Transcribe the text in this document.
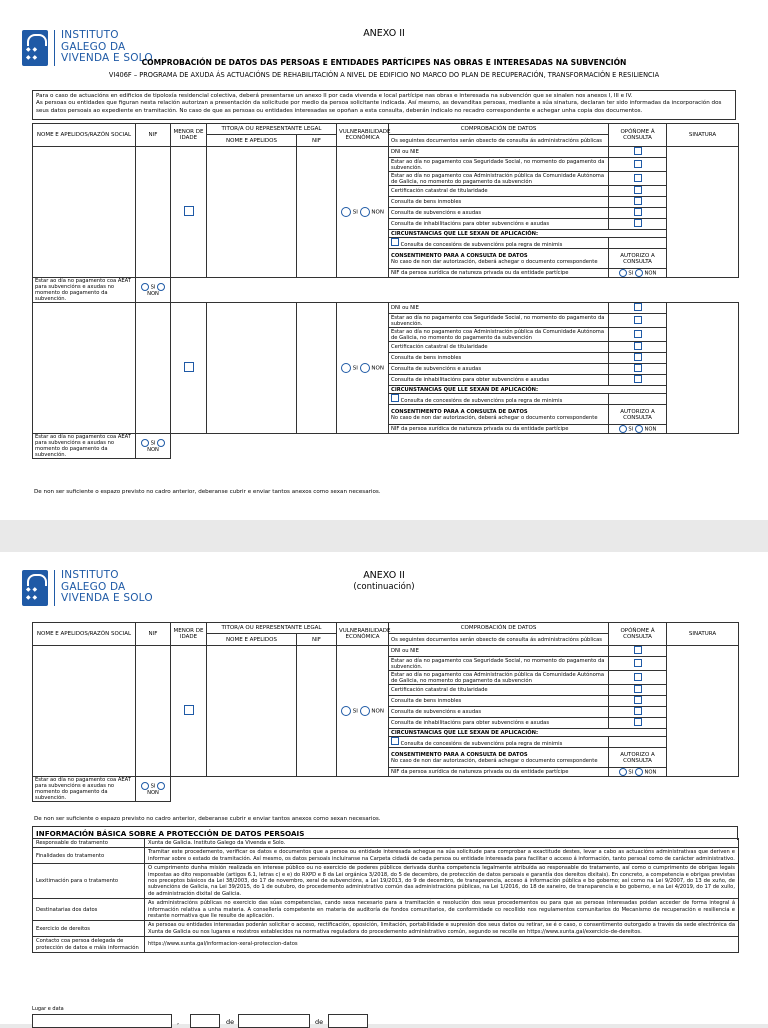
◆ ◆ ◆ ◆
INSTITUTO
GALEGO DA
VIVENDA E SOLO
ANEXO II
COMPROBACIÓN DE DATOS DAS PERSOAS E ENTIDADES PARTÍCIPES NAS OBRAS E INTERESADAS NA SUBVENCIÓN
VI406F – PROGRAMA DE AXUDA ÁS ACTUACIÓNS DE REHABILITACIÓN A NIVEL DE EDIFICIO NO MARCO DO PLAN DE RECUPERACIÓN, TRANSFORMACIÓN E RESILIENCIA
Para o caso de actuacións en edificios de tipoloxía residencial colectiva, deberá presentarse un anexo II por cada vivenda e local partícipe nas obras e interesada na subvención que se sinalen nos anexos I, III e IV.
As persoas ou entidades que figuran nesta relación autorizan a presentación da solicitude por medio da persoa solicitante indicada. Así mesmo, as devanditas persoas, mediante a súa sinatura, declaran ter sido informadas da incorporación dos seus datos persoais ao expediente en tramitación. No caso de que as persoas ou entidades interesadas se opoñan a esta consulta, deberán indicalo no recadro correspondente e achegar unha copia dos documentos.
NOME E APELIDOS/RAZÓN SOCIAL	NIF	MENOR DE IDADE	TITOR/A OU REPRESENTANTE LEGAL		VULNERABILIDADE ECONÓMICA	COMPROBACIÓN DE DATOS	OPÓÑOME Á CONSULTA	SINATURA
			NOME E APELIDOS	NIF		Os seguintes documentos serán obxecto de consulta ás administracións públicas		
					SI NON	DNI ou NIE		
						Estar ao día no pagamento coa Seguridade Social, no momento do pagamento da subvención.		
						Estar ao día no pagamento coa Administración pública da Comunidade Autónoma de Galicia, no momento do pagamento da subvención		
						Certificación catastral de titularidade		
						Consulta de bens inmobles		
						Consulta de subvencións e axudas		
						Consulta de inhabilitacións para obter subvencións e axudas		
						CIRCUNSTANCIAS QUE LLE SEXAN DE APLICACIÓN:		
						Consulta de concesións de subvencións pola regra de minimis		
						CONSENTIMENTO PARA A CONSULTA DE DATOS
No caso de non dar autorización, deberá achegar o documento correspondente	AUTORIZO A CONSULTA	
						NIF da persoa xurídica de natureza privada ou da entidade partícipe	SI NON	
Estar ao día no pagamento coa AEAT para subvencións e axudas no momento do pagamento da subvención.	SI  NON							
					SI NON	DNI ou NIE		
						Estar ao día no pagamento coa Seguridade Social, no momento do pagamento da subvención.		
						Estar ao día no pagamento coa Administración pública da Comunidade Autónoma de Galicia, no momento do pagamento da subvención		
						Certificación catastral de titularidade		
						Consulta de bens inmobles		
						Consulta de subvencións e axudas		
						Consulta de inhabilitacións para obter subvencións e axudas		
						CIRCUNSTANCIAS QUE LLE SEXAN DE APLICACIÓN:		
						Consulta de concesións de subvencións pola regra de minimis		
						CONSENTIMENTO PARA A CONSULTA DE DATOS
No caso de non dar autorización, deberá achegar o documento correspondente	AUTORIZO A CONSULTA	
						NIF da persoa xurídica de natureza privada ou da entidade partícipe	SI NON	
Estar ao día no pagamento coa AEAT para subvencións e axudas no momento do pagamento da subvención.	SI  NON							
De non ser suficiente o espazo previsto no cadro anterior, deberanse cubrir e enviar tantos anexos como sexan necesarios.
◆ ◆ ◆ ◆
INSTITUTO
GALEGO DA
VIVENDA E SOLO
ANEXO II
(continuación)
NOME E APELIDOS/RAZÓN SOCIAL	NIF	MENOR DE IDADE	TITOR/A OU REPRESENTANTE LEGAL		VULNERABILIDADE ECONÓMICA	COMPROBACIÓN DE DATOS	OPÓÑOME Á CONSULTA	SINATURA
			NOME E APELIDOS	NIF		Os seguintes documentos serán obxecto de consulta ás administracións públicas		
					SI NON	DNI ou NIE		
						Estar ao día no pagamento coa Seguridade Social, no momento do pagamento da subvención.		
						Estar ao día no pagamento coa Administración pública da Comunidade Autónoma de Galicia, no momento do pagamento da subvención		
						Certificación catastral de titularidade		
						Consulta de bens inmobles		
						Consulta de subvencións e axudas		
						Consulta de inhabilitacións para obter subvencións e axudas		
						CIRCUNSTANCIAS QUE LLE SEXAN DE APLICACIÓN:		
						Consulta de concesións de subvencións pola regra de minimis		
						CONSENTIMENTO PARA A CONSULTA DE DATOS
No caso de non dar autorización, deberá achegar o documento correspondente	AUTORIZO A CONSULTA	
						NIF da persoa xurídica de natureza privada ou da entidade partícipe	SI NON	
Estar ao día no pagamento coa AEAT para subvencións e axudas no momento do pagamento da subvención.	SI  NON							
De non ser suficiente o espazo previsto no cadro anterior, deberanse cubrir e enviar tantos anexos como sexan necesarios.
INFORMACIÓN BÁSICA SOBRE A PROTECCIÓN DE DATOS PERSOAIS
Responsable do tratamento	Xunta de Galicia. Instituto Galego da Vivenda e Solo.
Finalidades do tratamento	Tramitar este procedemento, verificar os datos e documentos que a persoa ou entidade interesada achegue na súa solicitude para comprobar a exactitude destes, levar a cabo as actuacións administrativas que deriven e informar sobre o estado de tramitación. Así mesmo, os datos persoais incluiranse na Carpeta cidadá de cada persoa ou entidade interesada para facilitar o acceso á información, tanto persoal como de carácter administrativo.
Lexitimación para o tratamento	O cumprimento dunha misión realizada en interese público ou no exercicio de poderes públicos derivada dunha competencia legalmente atribuída ao responsable do tratamento, así como o cumprimento de obrigas legais impostas ao dito responsable (artigos 6.1, letras c) e e) do RXPD e 8 da Lei orgánica 3/2018, do 5 de decembro, de protección de datos persoais e garantía dos dereitos dixitais). En concreto, a competencia e obrigas previstas nos preceptos básicos da Lei 38/2003, do 17 de novembro, xeral de subvencións, a Lei 19/2013, do 9 de decembro, de transparencia, acceso á información pública e bo goberno; así como na Lei 9/2007, do 13 de xuño, de subvencións de Galicia, na Lei 39/2015, do 1 de outubro, do procedemento administrativo común das administracións públicas, na Lei 1/2016, do 18 de xaneiro, de transparencia e bo goberno, e na Lei 4/2019, do 17 de xullo, de administración dixital de Galicia.
Destinatarias dos datos	As administracións públicas no exercicio das súas competencias, cando sexa necesario para a tramitación e resolución dos seus procedementos ou para que as persoas interesadas poidan acceder de forma integral á información relativa a unha materia. A consellería competente en materia de auditoría de fondos comunitarios, de conformidade co recollido nos regulamentos comunitarios do Mecanismo de recuperación e resiliencia e restante normativa que lle resulte de aplicación.
Exercicio de dereitos	As persoas ou entidades interesadas poderán solicitar o acceso, rectificación, oposición, limitación, portabilidade e supresión dos seus datos ou retirar, se é o caso, o consentimento outorgado a través da sede electrónica da Xunta de Galicia ou nos lugares e rexistros establecidos na normativa reguladora do procedemento administrativo común, segundo se recolle en https://www.xunta.gal/exercicio-de-dereitos.
Contacto coa persoa delegada de protección de datos e máis información	https://www.xunta.gal/informacion-xeral-proteccion-datos
Lugar e data
,	de	de
